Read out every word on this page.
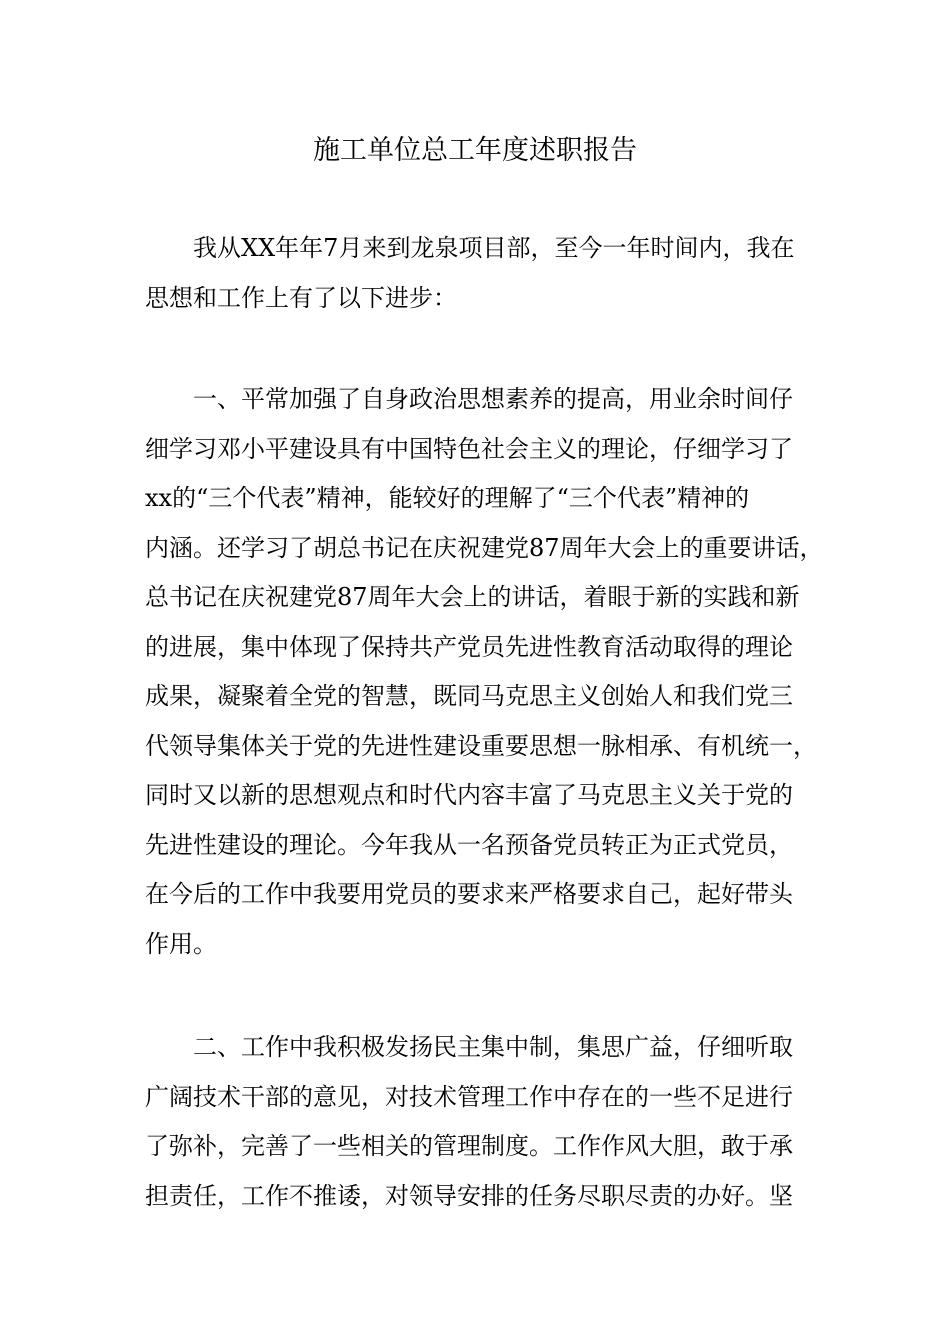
施工单位总工年度述职报告
我从XX年年7月来到龙泉项目部，至今一年时间内，我在
思想和工作上有了以下进步：
一、平常加强了自身政治思想素养的提高，用业余时间仔
细学习邓小平建设具有中国特色社会主义的理论，仔细学习了
xx的“三个代表”精神，能较好的理解了“三个代表”精神的
内涵。还学习了胡总书记在庆祝建党87周年大会上的重要讲话，
总书记在庆祝建党87周年大会上的讲话，着眼于新的实践和新
的进展，集中体现了保持共产党员先进性教育活动取得的理论
成果，凝聚着全党的智慧，既同马克思主义创始人和我们党三
代领导集体关于党的先进性建设重要思想一脉相承、有机统一，
同时又以新的思想观点和时代内容丰富了马克思主义关于党的
先进性建设的理论。今年我从一名预备党员转正为正式党员，
在今后的工作中我要用党员的要求来严格要求自己，起好带头
作用。
二、工作中我积极发扬民主集中制，集思广益，仔细听取
广阔技术干部的意见，对技术管理工作中存在的一些不足进行
了弥补，完善了一些相关的管理制度。工作作风大胆，敢于承
担责任，工作不推诿，对领导安排的任务尽职尽责的办好。坚
